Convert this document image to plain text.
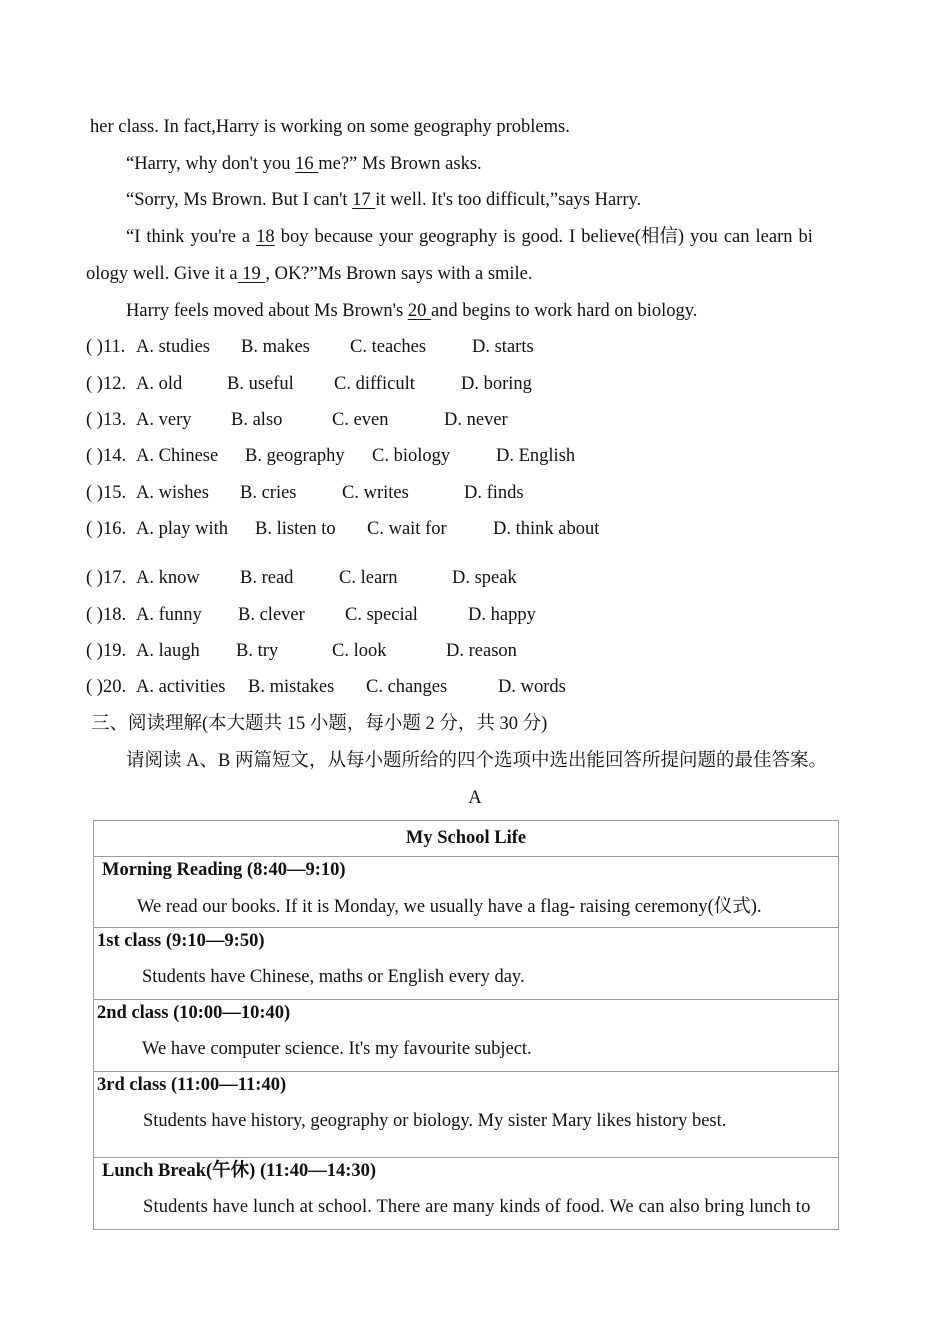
her class. In fact,Harry is working on some geography problems.
“Harry, why don't you 16 me?” Ms Brown asks.
“Sorry, Ms Brown. But I can't 17 it well. It's too difficult,”says Harry.
“I think you're a 18 boy because your geography is good. I believe(相信) you can learn bi
ology well. Give it a 19 , OK?”Ms Brown says with a smile.
Harry feels moved about Ms Brown's 20 and begins to work hard on biology.
( )11. A. studies B. makes C. teaches D. starts
( )12. A. old B. useful C. difficult D. boring
( )13. A. very B. also	C. even	D. never
( )14. A. Chinese B. geography C. biology D. English
( )15. A. wishes B. cries C. writes	D. finds
( )16. A. play with B. listen to C. wait for	D. think about
( )17. A. know B. read C. learn	D. speak
( )18. A. funny B. clever C. special	D. happy
( )19. A. laugh B. try	C. look	D. reason
( )20. A. activities B. mistakes C. changes	D. words
三、阅读理解(本大题共 15 小题，每小题 2 分，共 30 分)
请阅读 A、B 两篇短文，从每小题所给的四个选项中选出能回答所提问题的最佳答案。
A
My School Life

Morning Reading (8:40—9:10)
We read our books. If it is Monday, we usually have a flag- raising ceremony(仪式).

1st class (9:10—9:50)
Students have Chinese, maths or English every day.

2nd class (10:00—10:40)
We have computer science. It's my favourite subject.

3rd class (11:00—11:40)
Students have history, geography or biology. My sister Mary likes history best.

Lunch Break(午休) (11:40—14:30)
Students have lunch at school. There are many kinds of food. We can also bring lunch to
